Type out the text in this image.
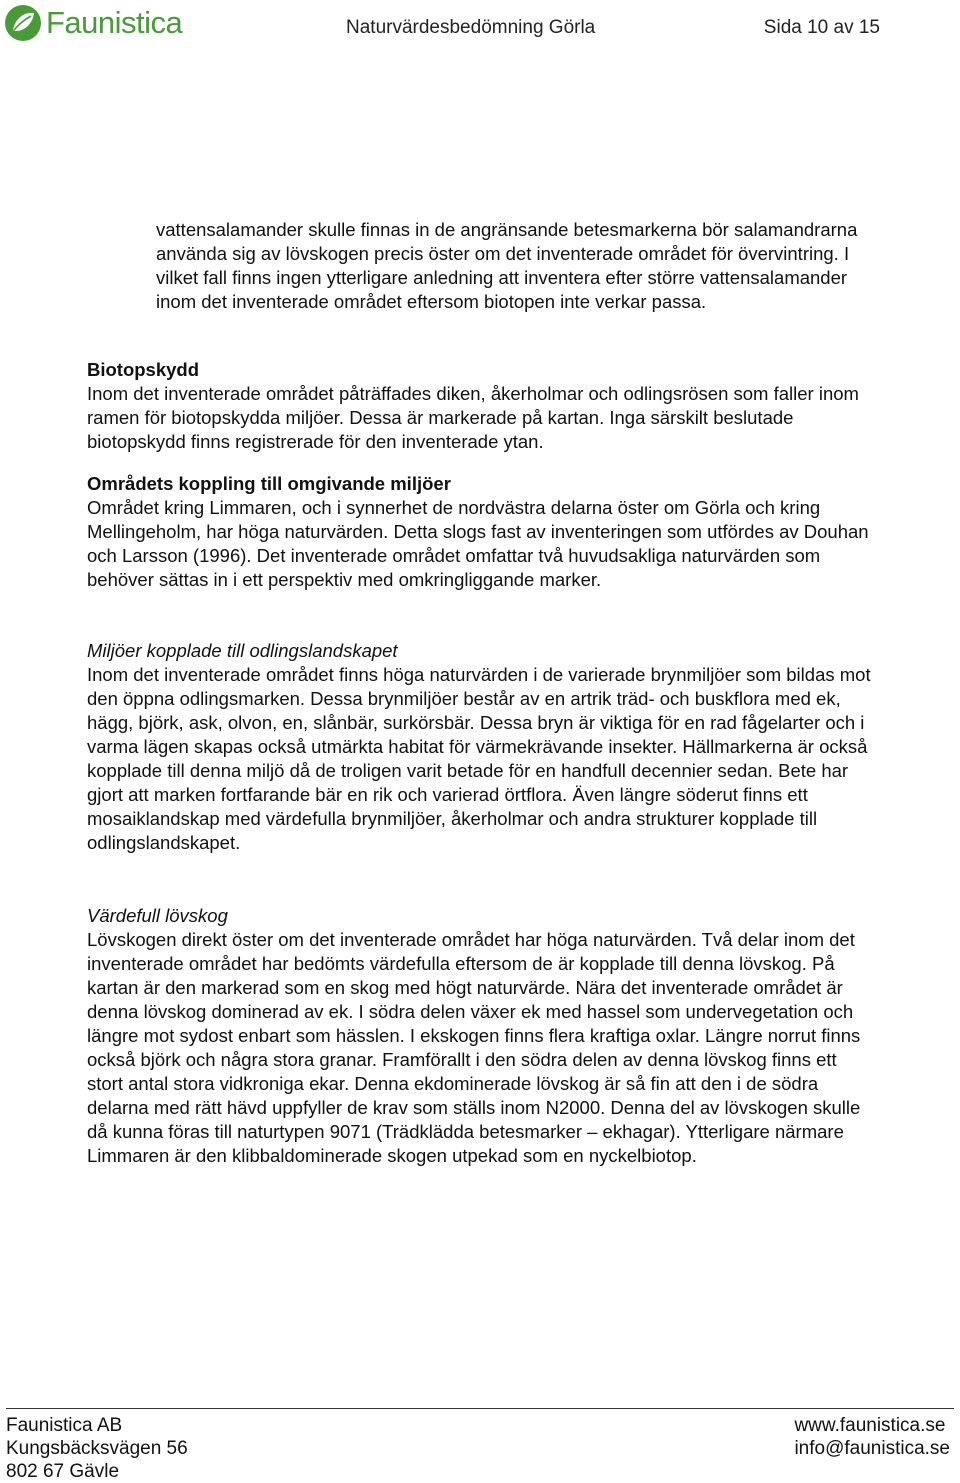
Faunistica	Naturvärdesbedömning Görla	Sida 10 av 15

vattensalamander skulle finnas in de angränsande betesmarkerna bör salamandrarna använda sig av lövskogen precis öster om det inventerade området för övervintring. I vilket fall finns ingen ytterligare anledning att inventera efter större vattensalamander inom det inventerade området eftersom biotopen inte verkar passa.

Biotopskydd
Inom det inventerade området påträffades diken, åkerholmar och odlingsrösen som faller inom ramen för biotopskydda miljöer. Dessa är markerade på kartan. Inga särskilt beslutade biotopskydd finns registrerade för den inventerade ytan.
Områdets koppling till omgivande miljöer
Området kring Limmaren, och i synnerhet de nordvästra delarna öster om Görla och kring Mellingeholm, har höga naturvärden. Detta slogs fast av inventeringen som utfördes av Douhan och Larsson (1996). Det inventerade området omfattar två huvudsakliga naturvärden som behöver sättas in i ett perspektiv med omkringliggande marker.
Miljöer kopplade till odlingslandskapet
Inom det inventerade området finns höga naturvärden i de varierade brynmiljöer som bildas mot den öppna odlingsmarken. Dessa brynmiljöer består av en artrik träd- och buskflora med ek, hägg, björk, ask, olvon, en, slånbär, surkörsbär. Dessa bryn är viktiga för en rad fågelarter och i varma lägen skapas också utmärkta habitat för värmekrävande insekter. Hällmarkerna är också kopplade till denna miljö då de troligen varit betade för en handfull decennier sedan. Bete har gjort att marken fortfarande bär en rik och varierad örtflora. Även längre söderut finns ett mosaiklandskap med värdefulla brynmiljöer, åkerholmar och andra strukturer kopplade till odlingslandskapet.
Värdefull lövskog
Lövskogen direkt öster om det inventerade området har höga naturvärden. Två delar inom det inventerade området har bedömts värdefulla eftersom de är kopplade till denna lövskog. På kartan är den markerad som en skog med högt naturvärde. Nära det inventerade området är denna lövskog dominerad av ek. I södra delen växer ek med hassel som undervegetation och längre mot sydost enbart som hässlen. I ekskogen finns flera kraftiga oxlar. Längre norrut finns också björk och några stora granar. Framförallt i den södra delen av denna lövskog finns ett stort antal stora vidkroniga ekar. Denna ekdominerade lövskog är så fin att den i de södra delarna med rätt hävd uppfyller de krav som ställs inom N2000. Denna del av lövskogen skulle då kunna föras till naturtypen 9071 (Trädklädda betesmarker – ekhagar). Ytterligare närmare Limmaren är den klibbaldominerade skogen utpekad som en nyckelbiotop.
Faunistica AB
Kungsbäcksvägen 56
802 67 Gävle
www.faunistica.se
info@faunistica.se
